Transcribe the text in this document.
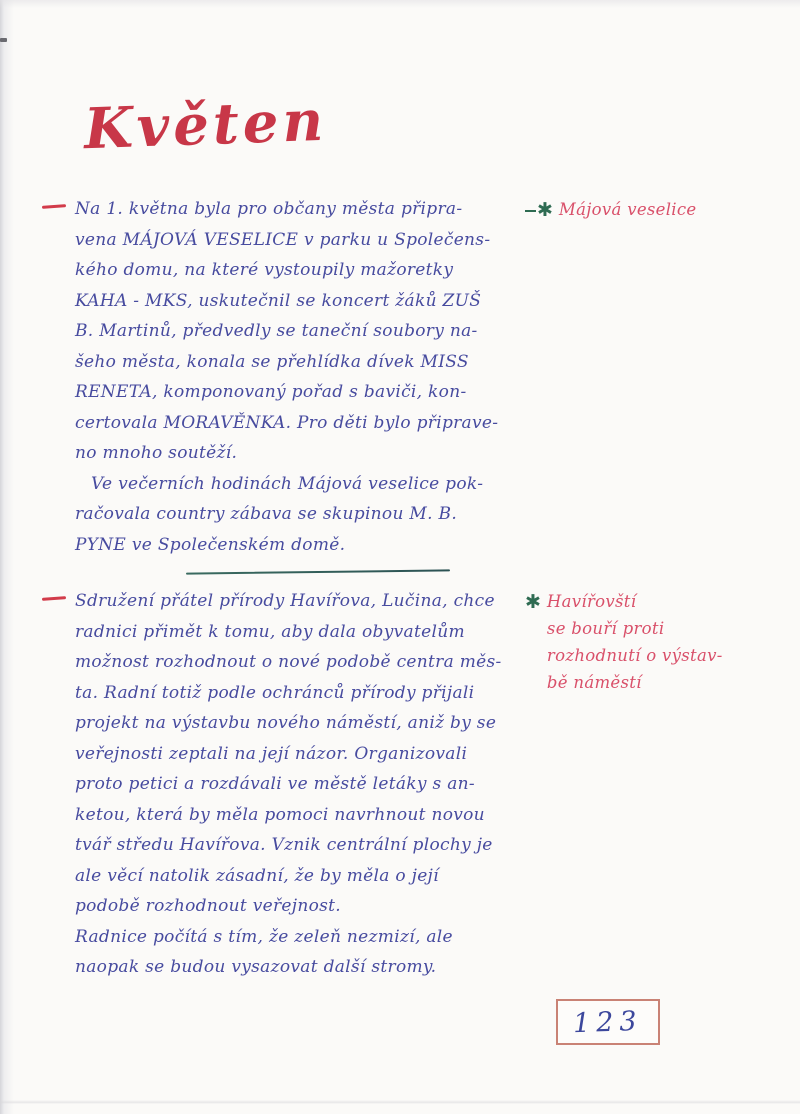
Květen
Na 1. května byla pro občany města připra-
vena MÁJOVÁ VESELICE v parku u Společens-
kého domu, na které vystoupily mažoretky
KAHA - MKS, uskutečnil se koncert žáků ZUŠ
B. Martinů, předvedly se taneční soubory na-
šeho města, konala se přehlídka dívek MISS
RENETA, komponovaný pořad s baviči, kon-
certovala MORAVĚNKA. Pro děti bylo připrave-
no mnoho soutěží.
Ve večerních hodinách Májová veselice pok-
račovala country zábava se skupinou M. B.
PYNE ve Společenském domě.
✱ Májová veselice
Sdružení přátel přírody Havířova, Lučina, chce
radnici přimět k tomu, aby dala obyvatelům
možnost rozhodnout o nové podobě centra měs-
ta. Radní totiž podle ochránců přírody přijali
projekt na výstavbu nového náměstí, aniž by se
veřejnosti zeptali na její názor. Organizovali
proto petici a rozdávali ve městě letáky s an-
ketou, která by měla pomoci navrhnout novou
tvář středu Havířova. Vznik centrální plochy je
ale věcí natolik zásadní, že by měla o její
podobě rozhodnout veřejnost.
Radnice počítá s tím, že zeleň nezmizí, ale
naopak se budou vysazovat další stromy.
✱ Havířovští
se bouří proti
rozhodnutí o výstav-
bě náměstí
123
